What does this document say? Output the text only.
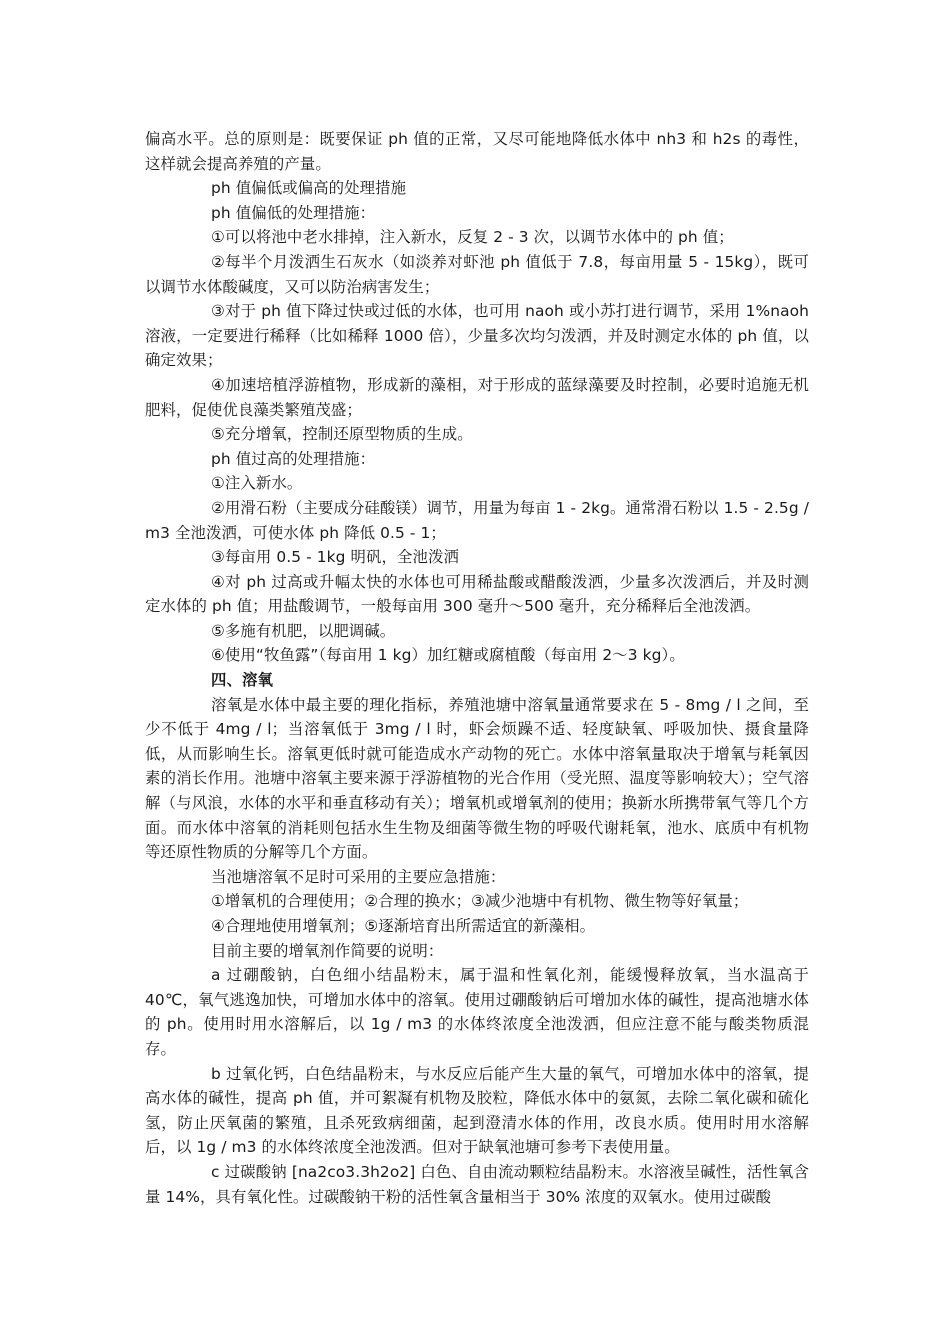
偏高水平。总的原则是：既要保证 ph 值的正常，又尽可能地降低水体中 nh3 和 h2s 的毒性，这样就会提高养殖的产量。

ph 值偏低或偏高的处理措施

ph 值偏低的处理措施：

①可以将池中老水排掉，注入新水，反复 2 - 3 次，以调节水体中的 ph 值；

②每半个月泼洒生石灰水（如淡养对虾池 ph 值低于 7.8，每亩用量 5 - 15kg），既可以调节水体酸碱度，又可以防治病害发生；

③对于 ph 值下降过快或过低的水体，也可用 naoh 或小苏打进行调节，采用 1%naoh 溶液，一定要进行稀释（比如稀释 1000 倍），少量多次均匀泼洒，并及时测定水体的 ph 值，以确定效果；

④加速培植浮游植物，形成新的藻相，对于形成的蓝绿藻要及时控制，必要时追施无机肥料，促使优良藻类繁殖茂盛；

⑤充分增氧，控制还原型物质的生成。

ph 值过高的处理措施：

①注入新水。

②用滑石粉（主要成分硅酸镁）调节，用量为每亩 1 - 2kg。通常滑石粉以 1.5 - 2.5g / m3 全池泼洒，可使水体 ph 降低 0.5 - 1；

③每亩用 0.5 - 1kg 明矾，全池泼洒

④对 ph 过高或升幅太快的水体也可用稀盐酸或醋酸泼洒，少量多次泼洒后，并及时测定水体的 ph 值；用盐酸调节，一般每亩用 300 毫升～500 毫升，充分稀释后全池泼洒。

⑤多施有机肥，以肥调碱。

⑥使用“牧鱼露”（每亩用 1 kg）加红糖或腐植酸（每亩用 2～3 kg）。

四、溶氧

溶氧是水体中最主要的理化指标，养殖池塘中溶氧量通常要求在 5 - 8mg / l 之间，至少不低于 4mg / l；当溶氧低于 3mg / l 时，虾会烦躁不适、轻度缺氧、呼吸加快、摄食量降低，从而影响生长。溶氧更低时就可能造成水产动物的死亡。水体中溶氧量取决于增氧与耗氧因素的消长作用。池塘中溶氧主要来源于浮游植物的光合作用（受光照、温度等影响较大）；空气溶解（与风浪，水体的水平和垂直移动有关）；增氧机或增氧剂的使用；换新水所携带氧气等几个方面。而水体中溶氧的消耗则包括水生生物及细菌等微生物的呼吸代谢耗氧，池水、底质中有机物等还原性物质的分解等几个方面。

当池塘溶氧不足时可采用的主要应急措施：

①增氧机的合理使用；②合理的换水；③减少池塘中有机物、微生物等好氧量；

④合理地使用增氧剂；⑤逐渐培育出所需适宜的新藻相。

目前主要的增氧剂作简要的说明：

a 过硼酸钠，白色细小结晶粉末，属于温和性氧化剂，能缓慢释放氧，当水温高于 40℃，氧气逃逸加快，可增加水体中的溶氧。使用过硼酸钠后可增加水体的碱性，提高池塘水体的 ph。使用时用水溶解后，以 1g / m3 的水体终浓度全池泼洒，但应注意不能与酸类物质混存。

b 过氧化钙，白色结晶粉末，与水反应后能产生大量的氧气，可增加水体中的溶氧，提高水体的碱性，提高 ph 值，并可絮凝有机物及胶粒，降低水体中的氨氮，去除二氧化碳和硫化氢，防止厌氧菌的繁殖，且杀死致病细菌，起到澄清水体的作用，改良水质。使用时用水溶解后，以 1g / m3 的水体终浓度全池泼洒。但对于缺氧池塘可参考下表使用量。

c 过碳酸钠 [na2co3.3h2o2] 白色、自由流动颗粒结晶粉末。水溶液呈碱性，活性氧含量 14%，具有氧化性。过碳酸钠干粉的活性氧含量相当于 30% 浓度的双氧水。使用过碳酸
